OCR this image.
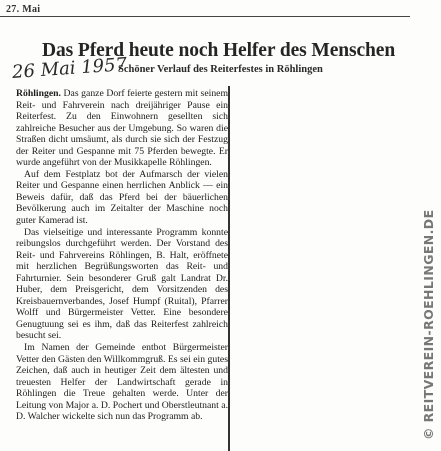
27. Mai
Das Pferd heute noch Helfer des Menschen
26 Mai 1957
Schöner Verlauf des Reiterfestes in Röhlingen

Röhlingen. Das ganze Dorf feierte gestern mit seinem Reit- und Fahrverein nach dreijähriger Pause ein Reiterfest. Zu den Einwohnern gesellten sich zahlreiche Besucher aus der Umgebung. So waren die Straßen dicht umsäumt, als durch sie sich der Festzug der Reiter und Gespanne mit 75 Pferden bewegte. Er wurde angeführt von der Musikkapelle Röhlingen.

Auf dem Festplatz bot der Aufmarsch der vielen Reiter und Gespanne einen herrlichen Anblick — ein Beweis dafür, daß das Pferd bei der bäuerlichen Bevölkerung auch im Zeitalter der Maschine noch guter Kamerad ist.

Das vielseitige und interessante Programm konnte reibungslos durchgeführt werden. Der Vorstand des Reit- und Fahrvereins Röhlingen, B. Halt, eröffnete mit herzlichen Begrüßungsworten das Reit- und Fahrturnier. Sein besonderer Gruß galt Landrat Dr. Huber, dem Preisgericht, dem Vorsitzenden des Kreisbauernverbandes, Josef Humpf (Ruital), Pfarrer Wolff und Bürgermeister Vetter. Eine besondere Genugtuung sei es ihm, daß das Reiterfest zahlreich besucht sei.

Im Namen der Gemeinde entbot Bürgermeister Vetter den Gästen den Willkommgruß. Es sei ein gutes Zeichen, daß auch in heutiger Zeit dem ältesten und treuesten Helfer der Landwirtschaft gerade in Röhlingen die Treue gehalten werde. Unter der Leitung von Major a. D. Pochert und Oberstleutnant a. D. Walcher wickelte sich nun das Programm ab.	© REITVEREIN-ROEHLINGEN.DE
